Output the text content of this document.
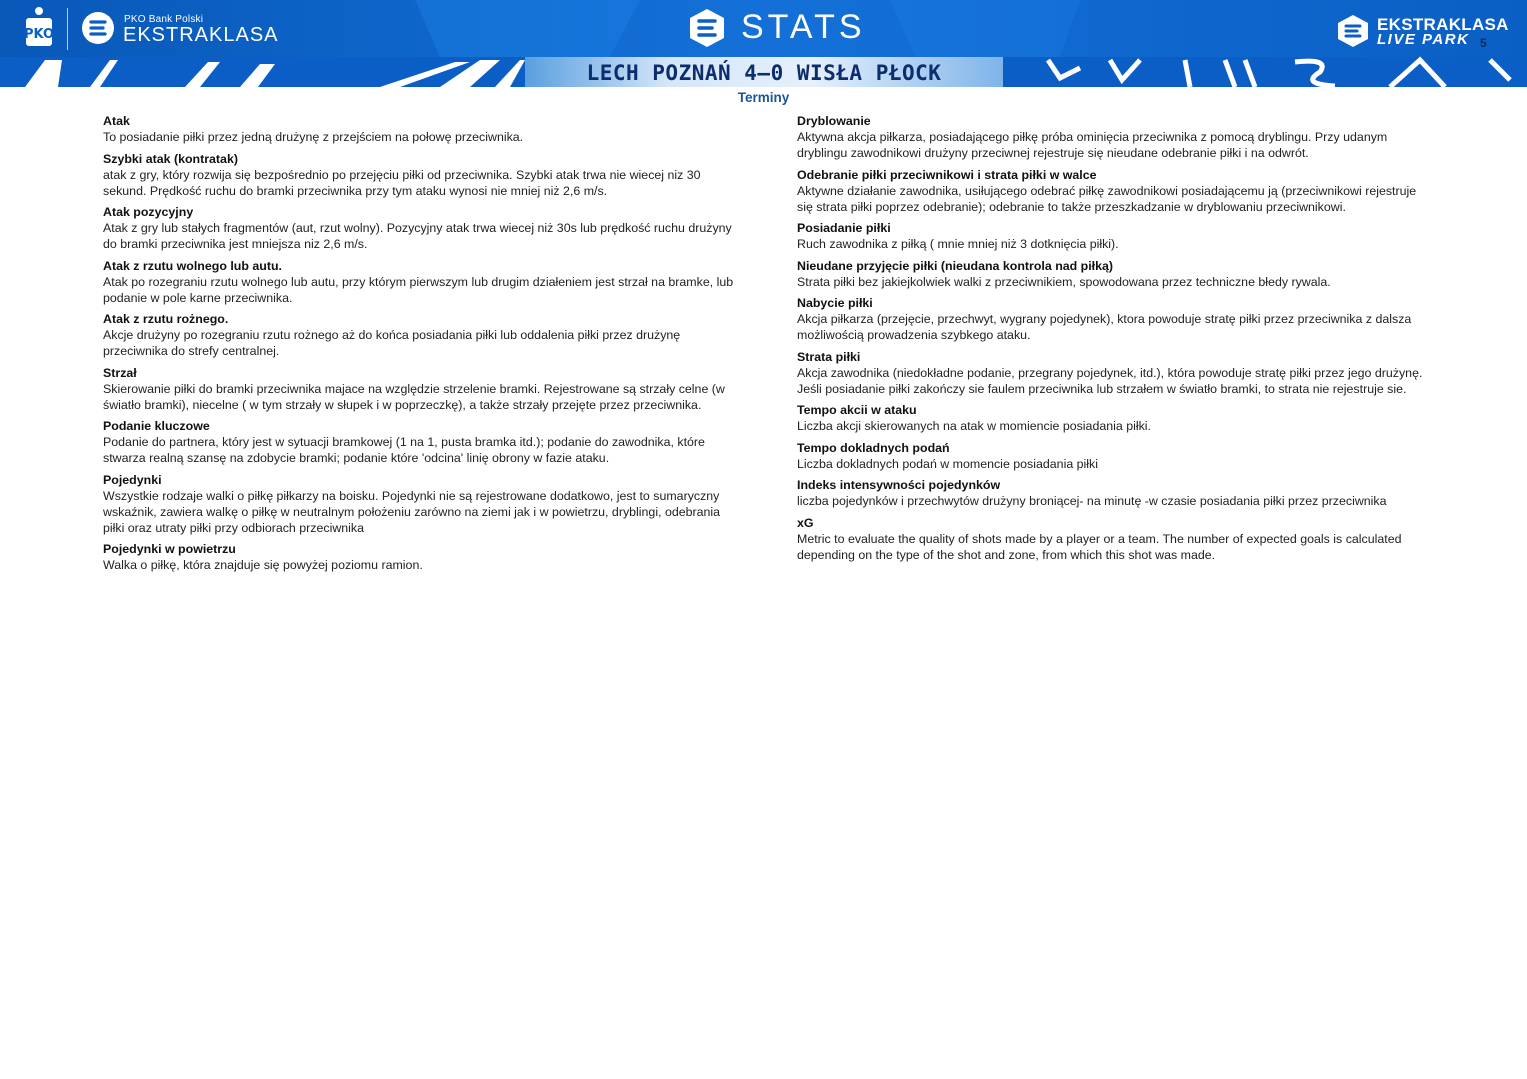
PKO
PKO Bank Polski
EKSTRAKLASA	STATS	EKSTRAKLASA
LIVE PARK 5
LECH POZNAŃ 4–0 WISŁA PŁOCK
Terminy
Atak
To posiadanie piłki przez jedną drużynę z przejściem na połowę przeciwnika.
Szybki atak (kontratak)
atak z gry, który rozwija się bezpośrednio po przejęciu piłki od przeciwnika. Szybki atak trwa nie wiecej niz 30 sekund. Prędkość ruchu do bramki przeciwnika przy tym ataku wynosi nie mniej niż 2,6 m/s.
Atak pozycyjny
Atak z gry lub stałych fragmentów (aut, rzut wolny). Pozycyjny atak trwa wiecej niż 30s lub prędkość ruchu drużyny do bramki przeciwnika jest mniejsza niz 2,6 m/s.
Atak z rzutu wolnego lub autu.
Atak po rozegraniu rzutu wolnego lub autu, przy którym pierwszym lub drugim działeniem jest strzał na bramke, lub podanie w pole karne przeciwnika.
Atak z rzutu rożnego.
Akcje drużyny po rozegraniu rzutu rożnego aż do końca posiadania piłki lub oddalenia piłki przez drużynę przeciwnika do strefy centralnej.
Strzał
Skierowanie piłki do bramki przeciwnika majace na względzie strzelenie bramki. Rejestrowane są strzały celne (w światło bramki), niecelne ( w tym strzały w słupek i w poprzeczkę), a także strzały przejęte przez przeciwnika.
Podanie kluczowe
Podanie do partnera, który jest w sytuacji bramkowej (1 na 1, pusta bramka itd.); podanie do zawodnika, które stwarza realną szansę na zdobycie bramki; podanie które 'odcina' linię obrony w fazie ataku.
Pojedynki
Wszystkie rodzaje walki o piłkę piłkarzy na boisku. Pojedynki nie są rejestrowane dodatkowo, jest to sumaryczny wskaźnik, zawiera walkę o piłkę w neutralnym położeniu zarówno na ziemi jak i w powietrzu, dryblingi, odebrania piłki oraz utraty piłki przy odbiorach przeciwnika
Pojedynki w powietrzu
Walka o piłkę, która znajduje się powyżej poziomu ramion.
Dryblowanie
Aktywna akcja piłkarza, posiadającego piłkę próba ominięcia przeciwnika z pomocą dryblingu. Przy udanym dryblingu zawodnikowi drużyny przeciwnej rejestruje się nieudane odebranie piłki i na odwrót.
Odebranie piłki przeciwnikowi i strata piłki w walce
Aktywne działanie zawodnika, usiłującego odebrać piłkę zawodnikowi posiadającemu ją (przeciwnikowi rejestruje się strata piłki poprzez odebranie); odebranie to także przeszkadzanie w dryblowaniu przeciwnikowi.
Posiadanie piłki
Ruch zawodnika z piłką ( mnie mniej niż 3 dotknięcia piłki).
Nieudane przyjęcie piłki (nieudana kontrola nad piłką)
Strata piłki bez jakiejkolwiek walki z przeciwnikiem, spowodowana przez techniczne błedy rywala.
Nabycie piłki
Akcja piłkarza (przejęcie, przechwyt, wygrany pojedynek), ktora powoduje stratę piłki przez przeciwnika z dalsza możliwością prowadzenia szybkego ataku.
Strata piłki
Akcja zawodnika (niedokładne podanie, przegrany pojedynek, itd.), która powoduje stratę piłki przez jego drużynę. Jeśli posiadanie piłki zakończy sie faulem przeciwnika lub strzałem w światło bramki, to strata nie rejestruje sie.
Tempo akcii w ataku
Liczba akcji skierowanych na atak w momiencie posiadania piłki.
Tempo dokladnych podań
Liczba dokladnych podań w momencie posiadania piłki
Indeks intensywności pojedynków
liczba pojedynków i przechwytów drużyny broniącej- na minutę -w czasie posiadania piłki przez przeciwnika
xG
Metric to evaluate the quality of shots made by a player or a team. The number of expected goals is calculated depending on the type of the shot and zone, from which this shot was made.
